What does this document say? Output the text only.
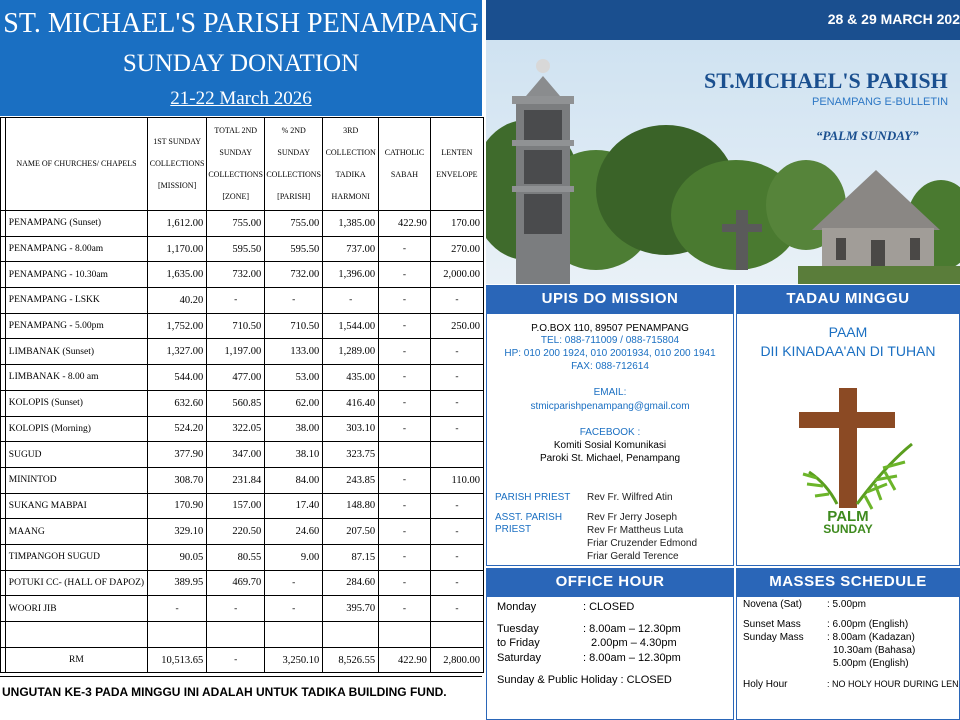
ST. MICHAEL'S PARISH PENAMPANG
SUNDAY DONATION
21-22 March 2026
	NAME OF CHURCHES/ CHAPELS	1ST SUNDAY COLLECTIONS [MISSION]	TOTAL 2ND SUNDAY COLLECTIONS [ZONE]	% 2ND SUNDAY COLLECTIONS [PARISH]	3RD COLLECTION TADIKA HARMONI	CATHOLIC SABAH	LENTEN ENVELOPE
	PENAMPANG (Sunset)	1,612.00	755.00	755.00	1,385.00	422.90	170.00
	PENAMPANG - 8.00am	1,170.00	595.50	595.50	737.00	-	270.00
	PENAMPANG - 10.30am	1,635.00	732.00	732.00	1,396.00	-	2,000.00
	PENAMPANG - LSKK	40.20	-	-	-	-	-
	PENAMPANG - 5.00pm	1,752.00	710.50	710.50	1,544.00	-	250.00
	LIMBANAK (Sunset)	1,327.00	1,197.00	133.00	1,289.00	-	-
	LIMBANAK - 8.00 am	544.00	477.00	53.00	435.00	-	-
	KOLOPIS (Sunset)	632.60	560.85	62.00	416.40	-	-
	KOLOPIS (Morning)	524.20	322.05	38.00	303.10	-	-
	SUGUD	377.90	347.00	38.10	323.75		
	MININTOD	308.70	231.84	84.00	243.85	-	110.00
	SUKANG MABPAI	170.90	157.00	17.40	148.80	-	-
	MAANG	329.10	220.50	24.60	207.50	-	-
	TIMPANGOH SUGUD	90.05	80.55	9.00	87.15	-	-
	POTUKI CC- (HALL OF DAPOZ)	389.95	469.70	-	284.60	-	-
	WOORI JIB	-	-	-	395.70	-	-

	RM	10,513.65	-	3,250.10	8,526.55	422.90	2,800.00
UNGUTAN KE-3 PADA MINGGU INI ADALAH UNTUK TADIKA BUILDING FUND.
28 & 29 MARCH 202
ST.MICHAEL'S PARISH
PENAMPANG E-BULLETIN
“PALM SUNDAY”
UPIS DO MISSION
P.O.BOX 110, 89507 PENAMPANG
TEL: 088-711009 / 088-715804
HP: 010 200 1924, 010 2001934, 010 200 1941
FAX: 088-712614
EMAIL:
stmicparishpenampang@gmail.com
FACEBOOK :
Komiti Sosial Komunikasi
Paroki St. Michael, Penampang
PARISH PRIEST Rev Fr. Wilfred Atin
ASST. PARISH
PRIEST
Rev Fr Jerry Joseph
Rev Fr Mattheus Luta
Friar Cruzender Edmond
Friar Gerald Terence
TADAU MINGGU
PAAM
DII KINADAA'AN DI TUHAN
PALM
SUNDAY
OFFICE HOUR
Monday	: CLOSED
Tuesday	: 8.00am – 12.30pm
to Friday	2.00pm – 4.30pm
Saturday	: 8.00am – 12.30pm
Sunday & Public Holiday : CLOSED
MASSES SCHEDULE
Novena (Sat)	: 5.00pm
Sunset Mass	: 6.00pm (English)
Sunday Mass : 8.00am (Kadazan)
10.30am (Bahasa)
5.00pm (English)
Holy Hour	: NO HOLY HOUR DURING LEN
